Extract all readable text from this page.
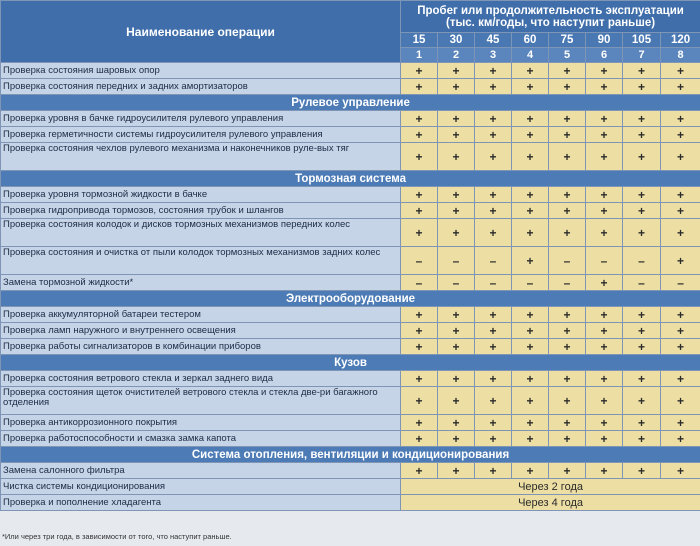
Наименование операции	Пробег или продолжительность эксплуатации
(тыс. км/годы, что наступит раньше)							
	15	30	45	60	75	90	105	120
	1	2	3	4	5	6	7	8
Проверка состояния шаровых опор	+	+	+	+	+	+	+	+
Проверка состояния передних и задних амортизаторов	+	+	+	+	+	+	+	+
Рулевое управление								
Проверка уровня в бачке гидроусилителя рулевого управления	+	+	+	+	+	+	+	+
Проверка герметичности системы гидроусилителя рулевого управления	+	+	+	+	+	+	+	+
Проверка состояния чехлов рулевого механизма и наконечников руле-вых тяг	+	+	+	+	+	+	+	+
Тормозная система								
Проверка уровня тормозной жидкости в бачке	+	+	+	+	+	+	+	+
Проверка гидропривода тормозов, состояния трубок и шлангов	+	+	+	+	+	+	+	+
Проверка состояния колодок и дисков тормозных механизмов передних колес	+	+	+	+	+	+	+	+
Проверка состояния и очистка от пыли колодок тормозных механизмов задних колес	–	–	–	+	–	–	–	+
Замена тормозной жидкости*	–	–	–	–	–	+	–	–
Электрооборудование								
Проверка аккумуляторной батареи тестером	+	+	+	+	+	+	+	+
Проверка ламп наружного и внутреннего освещения	+	+	+	+	+	+	+	+
Проверка работы сигнализаторов в комбинации приборов	+	+	+	+	+	+	+	+
Кузов								
Проверка состояния ветрового стекла и зеркал заднего вида	+	+	+	+	+	+	+	+
Проверка состояния щеток очистителей ветрового стекла и стекла две-ри багажного отделения	+	+	+	+	+	+	+	+
Проверка антикоррозионного покрытия	+	+	+	+	+	+	+	+
Проверка работоспособности и смазка замка капота	+	+	+	+	+	+	+	+
Система отопления, вентиляции и кондиционирования								
Замена салонного фильтра	+	+	+	+	+	+	+	+
Чистка системы кондиционирования	Через 2 года							
Проверка и пополнение хладагента	Через 4 года							
*Или через три года, в зависимости от того, что наступит раньше.
